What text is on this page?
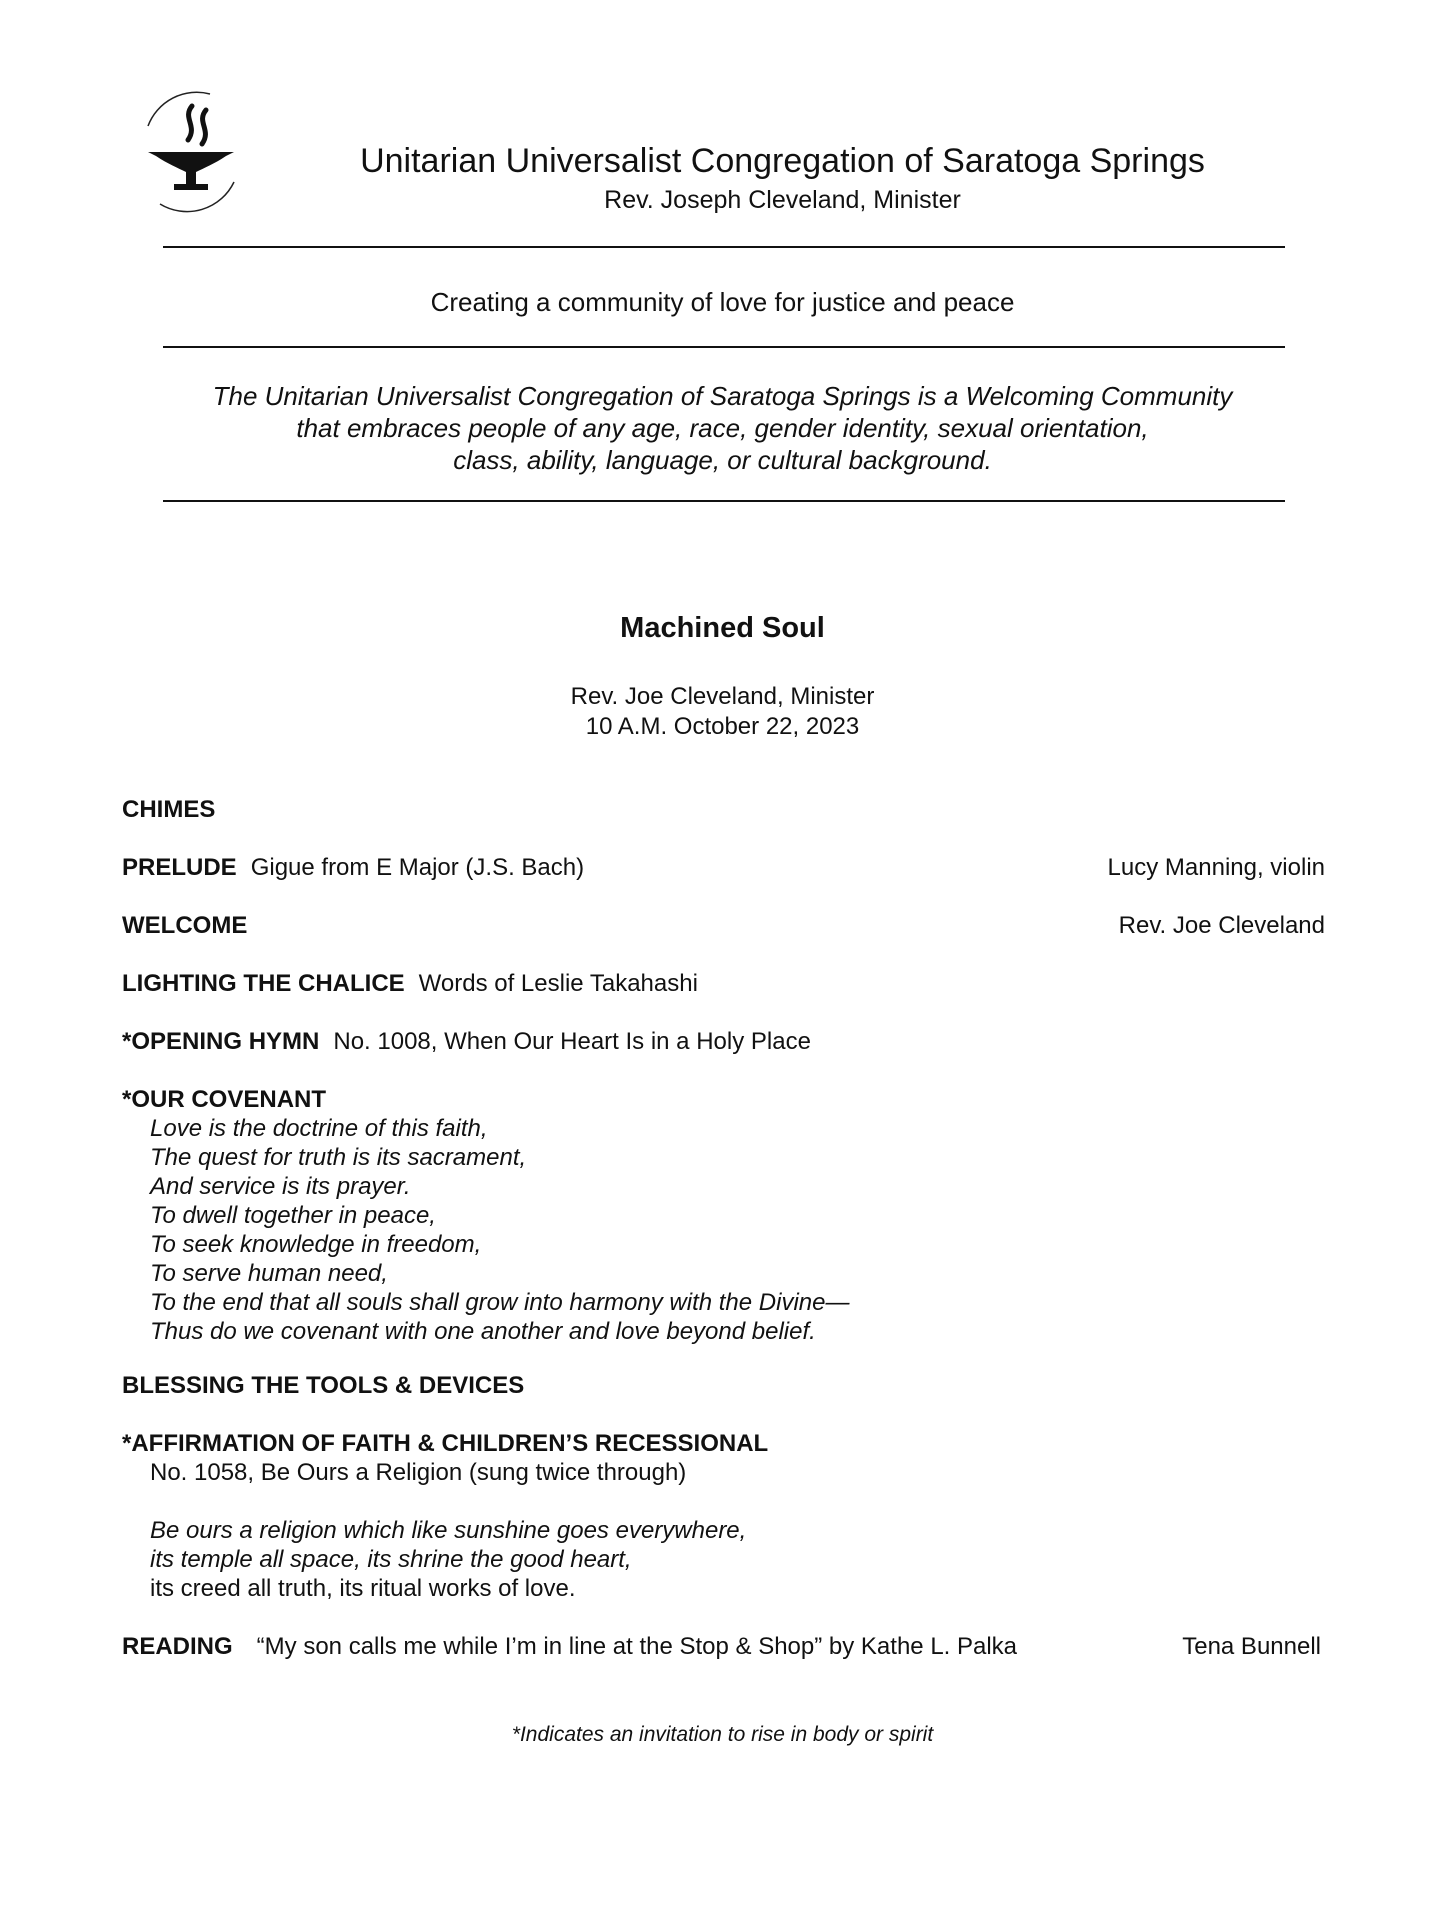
Unitarian Universalist Congregation of Saratoga Springs
Rev. Joseph Cleveland, Minister
Creating a community of love for justice and peace
The Unitarian Universalist Congregation of Saratoga Springs is a Welcoming Community
that embraces people of any age, race, gender identity, sexual orientation,
class, ability, language, or cultural background.
Machined Soul
Rev. Joe Cleveland, Minister
10 A.M. October 22, 2023
CHIMES
PRELUDE Gigue from E Major (J.S. Bach)	Lucy Manning, violin
WELCOME	Rev. Joe Cleveland
LIGHTING THE CHALICE Words of Leslie Takahashi
*OPENING HYMN No. 1008, When Our Heart Is in a Holy Place
*OUR COVENANT
Love is the doctrine of this faith,
The quest for truth is its sacrament,
And service is its prayer.
To dwell together in peace,
To seek knowledge in freedom,
To serve human need,
To the end that all souls shall grow into harmony with the Divine—
Thus do we covenant with one another and love beyond belief.
BLESSING THE TOOLS & DEVICES
*AFFIRMATION OF FAITH & CHILDREN’S RECESSIONAL
No. 1058, Be Ours a Religion (sung twice through)
Be ours a religion which like sunshine goes everywhere,
its temple all space, its shrine the good heart,
its creed all truth, its ritual works of love.
READING “My son calls me while I’m in line at the Stop & Shop” by Kathe L. Palka	Tena Bunnell
*Indicates an invitation to rise in body or spirit
